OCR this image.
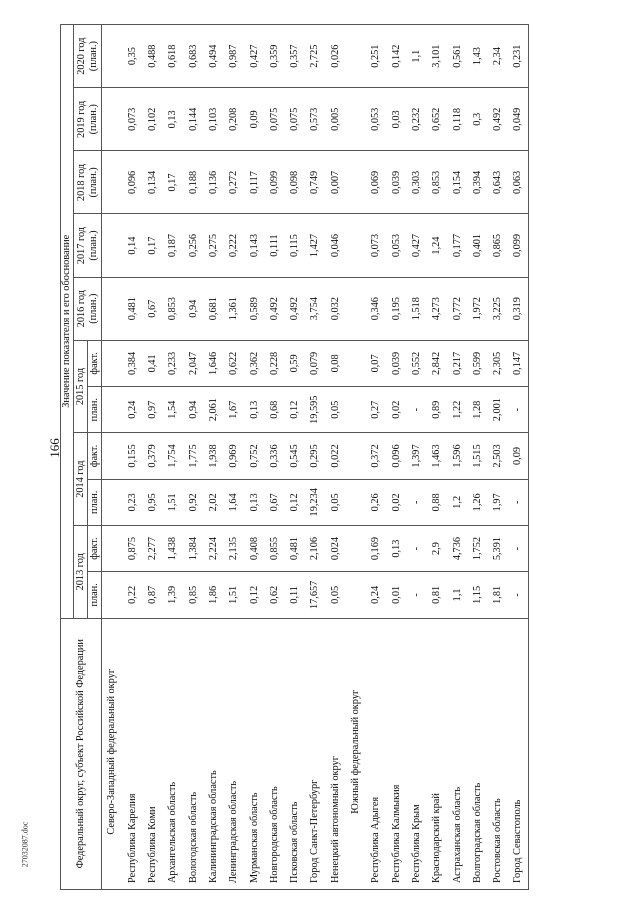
166
27032087.doc	Федеральный округ, субъект Российской Федерации	Значение показателя и его обоснование										
	2013 год		2014 год		2015 год		2016 год (план.)	2017 год (план.)	2018 год (план.)	2019 год (план.)	2020 год (план.)
	план.	факт.	план.	факт.	план.	факт.					
Северо-Западный федеральный округ											
Республика Карелия	0,22	0,875	0,23	0,155	0,24	0,384	0,481	0,14	0,096	0,073	0,35
Республика Коми	0,87	2,277	0,95	0,379	0,97	0,41	0,67	0,17	0,134	0,102	0,488
Архангельская область	1,39	1,438	1,51	1,754	1,54	0,233	0,853	0,187	0,17	0,13	0,618
Вологодская область	0,85	1,384	0,92	1,775	0,94	2,047	0,94	0,256	0,188	0,144	0,683
Калининградская область	1,86	2,224	2,02	1,938	2,061	1,646	0,681	0,275	0,136	0,103	0,494
Ленинградская область	1,51	2,135	1,64	0,969	1,67	0,622	1,361	0,222	0,272	0,208	0,987
Мурманская область	0,12	0,408	0,13	0,752	0,13	0,362	0,589	0,143	0,117	0,09	0,427
Новгородская область	0,62	0,855	0,67	0,336	0,68	0,228	0,492	0,111	0,099	0,075	0,359
Псковская область	0,11	0,481	0,12	0,545	0,12	0,59	0,492	0,115	0,098	0,075	0,357
Город Санкт-Петербург	17,657	2,106	19,234	0,295	19,595	0,079	3,754	1,427	0,749	0,573	2,725
Ненецкий автономный округ	0,05	0,024	0,05	0,022	0,05	0,08	0,032	0,046	0,007	0,005	0,026
Южный федеральный округ											
Республика Адыгея	0,24	0,169	0,26	0,372	0,27	0,07	0,346	0,073	0,069	0,053	0,251
Республика Калмыкия	0,01	0,13	0,02	0,096	0,02	0,039	0,195	0,053	0,039	0,03	0,142
Республика Крым	-	-	-	1,397	-	0,552	1,518	0,427	0,303	0,232	1,1
Краснодарский край	0,81	2,9	0,88	1,463	0,89	2,842	4,273	1,24	0,853	0,652	3,101
Астраханская область	1,1	4,736	1,2	1,596	1,22	0,217	0,772	0,177	0,154	0,118	0,561
Волгоградская область	1,15	1,752	1,26	1,515	1,28	0,599	1,972	0,401	0,394	0,3	1,43
Ростовская область	1,81	5,391	1,97	2,503	2,001	2,305	3,225	0,865	0,643	0,492	2,34
Город Севастополь	-	-	-	0,09	-	0,147	0,319	0,099	0,063	0,049	0,231
